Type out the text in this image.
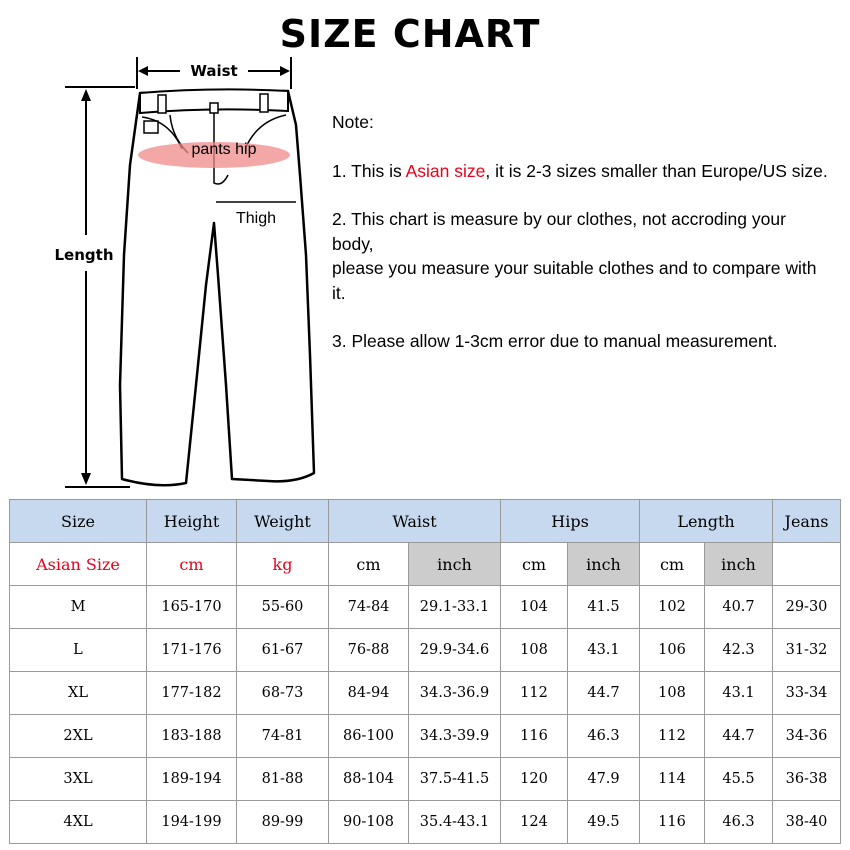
SIZE CHART
Waist
Length
pants hip
Thigh

Note:

1. This is Asian size, it is 2-3 sizes smaller than Europe/US size.

2. This chart is measure by our clothes, not accroding your body,
please you measure your suitable clothes and to compare with it.

3. Please allow 1-3cm error due to manual measurement.

Size	Height	Weight	Waist		Hips		Length		Jeans
Asian Size	cm	kg	cm	inch	cm	inch	cm	inch	
M	165-170	55-60	74-84	29.1-33.1	104	41.5	102	40.7	29-30
L	171-176	61-67	76-88	29.9-34.6	108	43.1	106	42.3	31-32
XL	177-182	68-73	84-94	34.3-36.9	112	44.7	108	43.1	33-34
2XL	183-188	74-81	86-100	34.3-39.9	116	46.3	112	44.7	34-36
3XL	189-194	81-88	88-104	37.5-41.5	120	47.9	114	45.5	36-38
4XL	194-199	89-99	90-108	35.4-43.1	124	49.5	116	46.3	38-40
